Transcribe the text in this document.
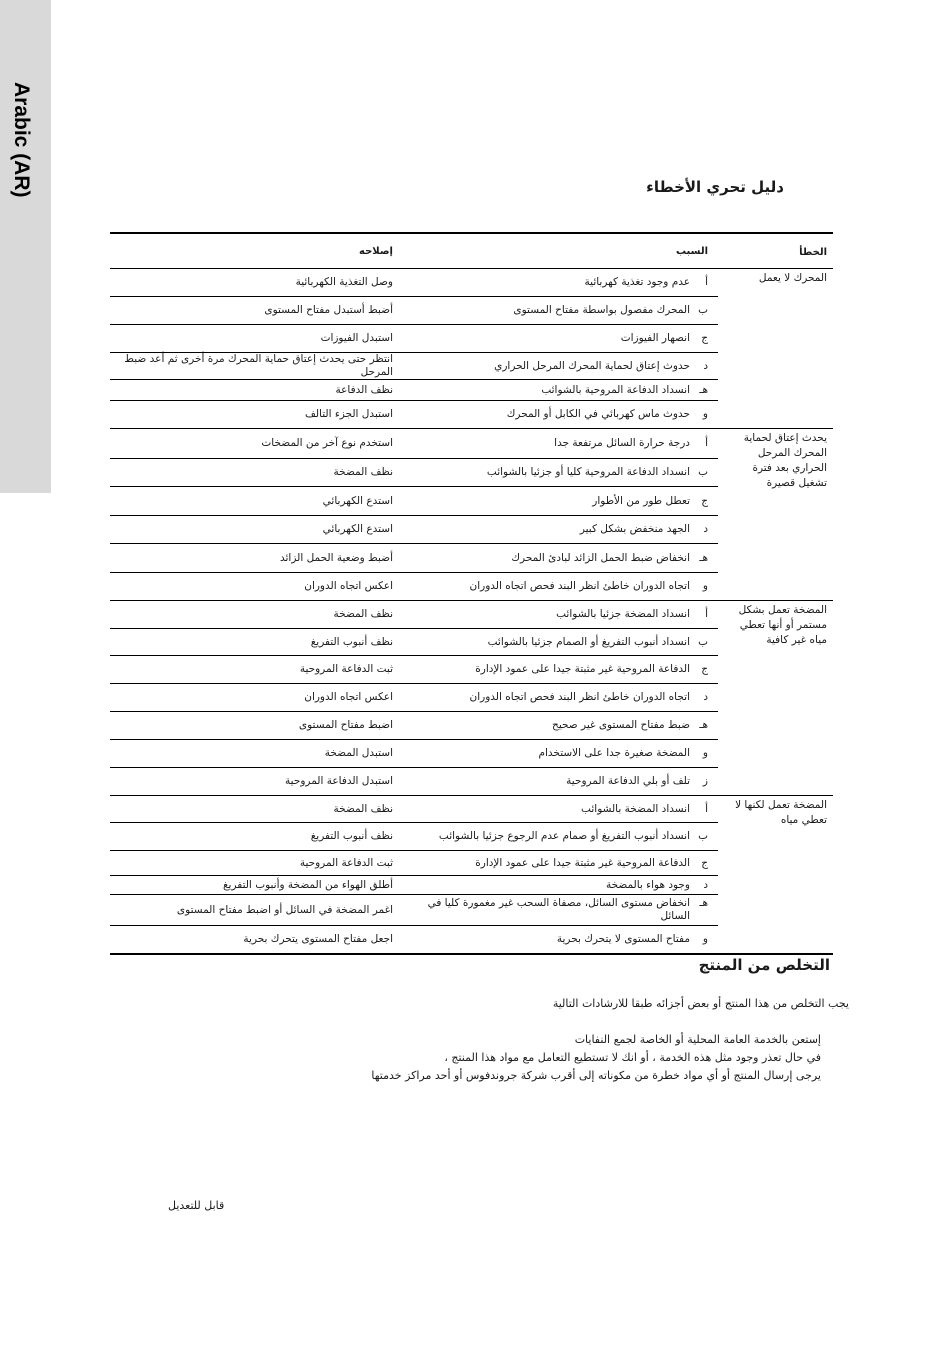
Arabic (AR)	دليل تحري الأخطاء
الخطأ
السبب
إصلاحه
المحرك لا يعمل
أ
عدم وجود تغذية كهربائية
وصل التغذية الكهربائية
ب
المحرك مفصول بواسطة مفتاح المستوى
أضبط أستبدل مفتاح المستوى
ج
انصهار الفيوزات
استبدل الفيوزات
د
حدوث إعتاق لحماية المحرك المرحل الحراري
انتظر حتى يحدث إعتاق حماية المحرك مرة أخرى ثم أعد ضبط المرحل
هـ
انسداد الدفاعة المروحية بالشوائب
نظف الدفاعة
و
حدوث ماس كهربائي في الكابل أو المحرك
استبدل الجزء التالف
يحدث إعتاق لحماية المحرك المرحل الحراري بعد فترة تشغيل قصيرة
أ
درجة حرارة السائل مرتفعة جدا
استخدم نوع آخر من المضخات
ب
انسداد الدفاعة المروحية كليا أو جزئيا بالشوائب
نظف المضخة
ج
تعطل طور من الأطوار
استدع الكهربائي
د
الجهد منخفض بشكل كبير
استدع الكهربائي
هـ
انخفاض ضبط الحمل الزائد لبادئ المحرك
أضبط وضعية الحمل الزائد
و
اتجاه الدوران خاطئ انظر البند فحص اتجاه الدوران
اعكس اتجاه الدوران
المضخة تعمل بشكل مستمر أو أنها تعطي مياه غير كافية
أ
انسداد المضخة جزئيا بالشوائب
نظف المضخة
ب
انسداد أنبوب التفريغ أو الصمام جزئيا بالشوائب
نظف أنبوب التفريغ
ج
الدفاعة المروحية غير مثبتة جيدا على عمود الإدارة
ثبت الدفاعة المروحية
د
اتجاه الدوران خاطئ انظر البند فحص اتجاه الدوران
اعكس اتجاه الدوران
هـ
ضبط مفتاح المستوى غير صحيح
اضبط مفتاح المستوى
و
المضخة صغيرة جدا على الاستخدام
استبدل المضخة
ز
تلف أو بلي الدفاعة المروحية
استبدل الدفاعة المروحية
المضخة تعمل لكنها لا تعطي مياه
أ
انسداد المضخة بالشوائب
نظف المضخة
ب
انسداد أنبوب التفريغ أو صمام عدم الرجوع جزئيا بالشوائب
نظف أنبوب التفريغ
ج
الدفاعة المروحية غير مثبتة جيدا على عمود الإدارة
ثبت الدفاعة المروحية
د
وجود هواء بالمضخة
أطلق الهواء من المضخة وأنبوب التفريغ
هـ
انخفاض مستوى السائل، مصفاة السحب غير مغمورة كليا في السائل
اغمر المضخة في السائل أو اضبط مفتاح المستوى
و
مفتاح المستوى لا يتحرك بحرية
اجعل مفتاح المستوى يتحرك بحرية
التخلص من المنتج
يجب التخلص من هذا المنتج أو بعض أجزائه طبقا للارشادات التالية
إستعن بالخدمة العامة المحلية أو الخاصة لجمع النفايات
في حال تعذر وجود مثل هذه الخدمة ، أو انك لا تستطيع التعامل مع مواد هذا المنتج ،
يرجى إرسال المنتج أو أي مواد خطرة من مكوناته إلى أقرب شركة جروندفوس أو أحد مراكز خدمتها
قابل للتعديل
